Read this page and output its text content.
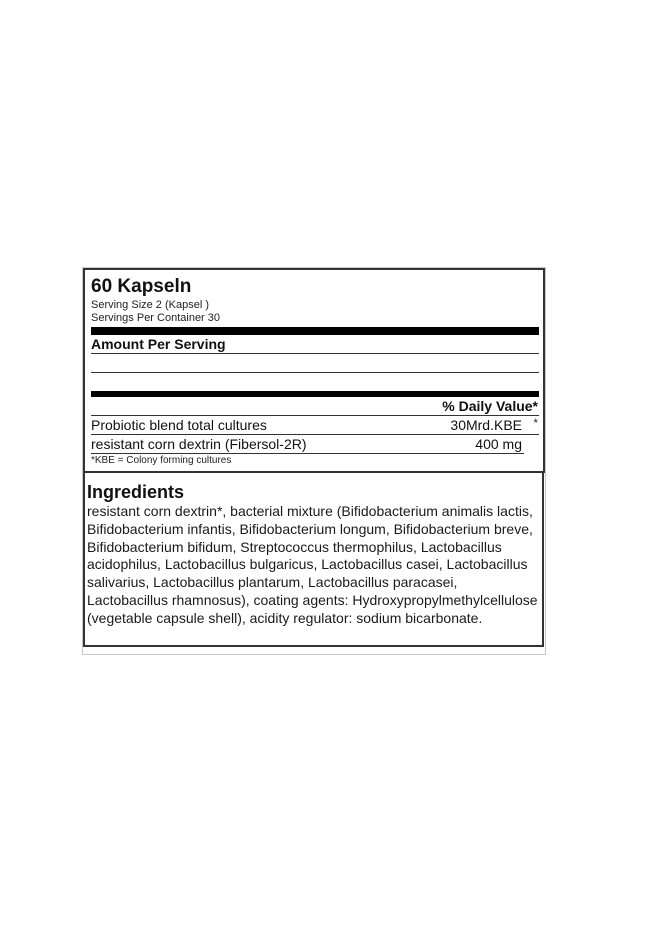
60 Kapseln
Serving Size 2 (Kapsel )
Servings Per Container 30
Amount Per Serving
% Daily Value*
Probiotic blend total cultures	30Mrd.KBE *
resistant corn dextrin (Fibersol-2R)	400 mg
*KBE = Colony forming cultures
Ingredients
resistant corn dextrin*, bacterial mixture (Bifidobacterium animalis lactis, Bifidobacterium infantis, Bifidobacterium longum, Bifidobacterium breve, Bifidobacterium bifidum, Streptococcus thermophilus, Lactobacillus acidophilus, Lactobacillus bulgaricus, Lactobacillus casei, Lactobacillus salivarius, Lactobacillus plantarum, Lactobacillus paracasei, Lactobacillus rhamnosus), coating agents: Hydroxypropylmethylcellulose (vegetable capsule shell), acidity regulator: sodium bicarbonate.
